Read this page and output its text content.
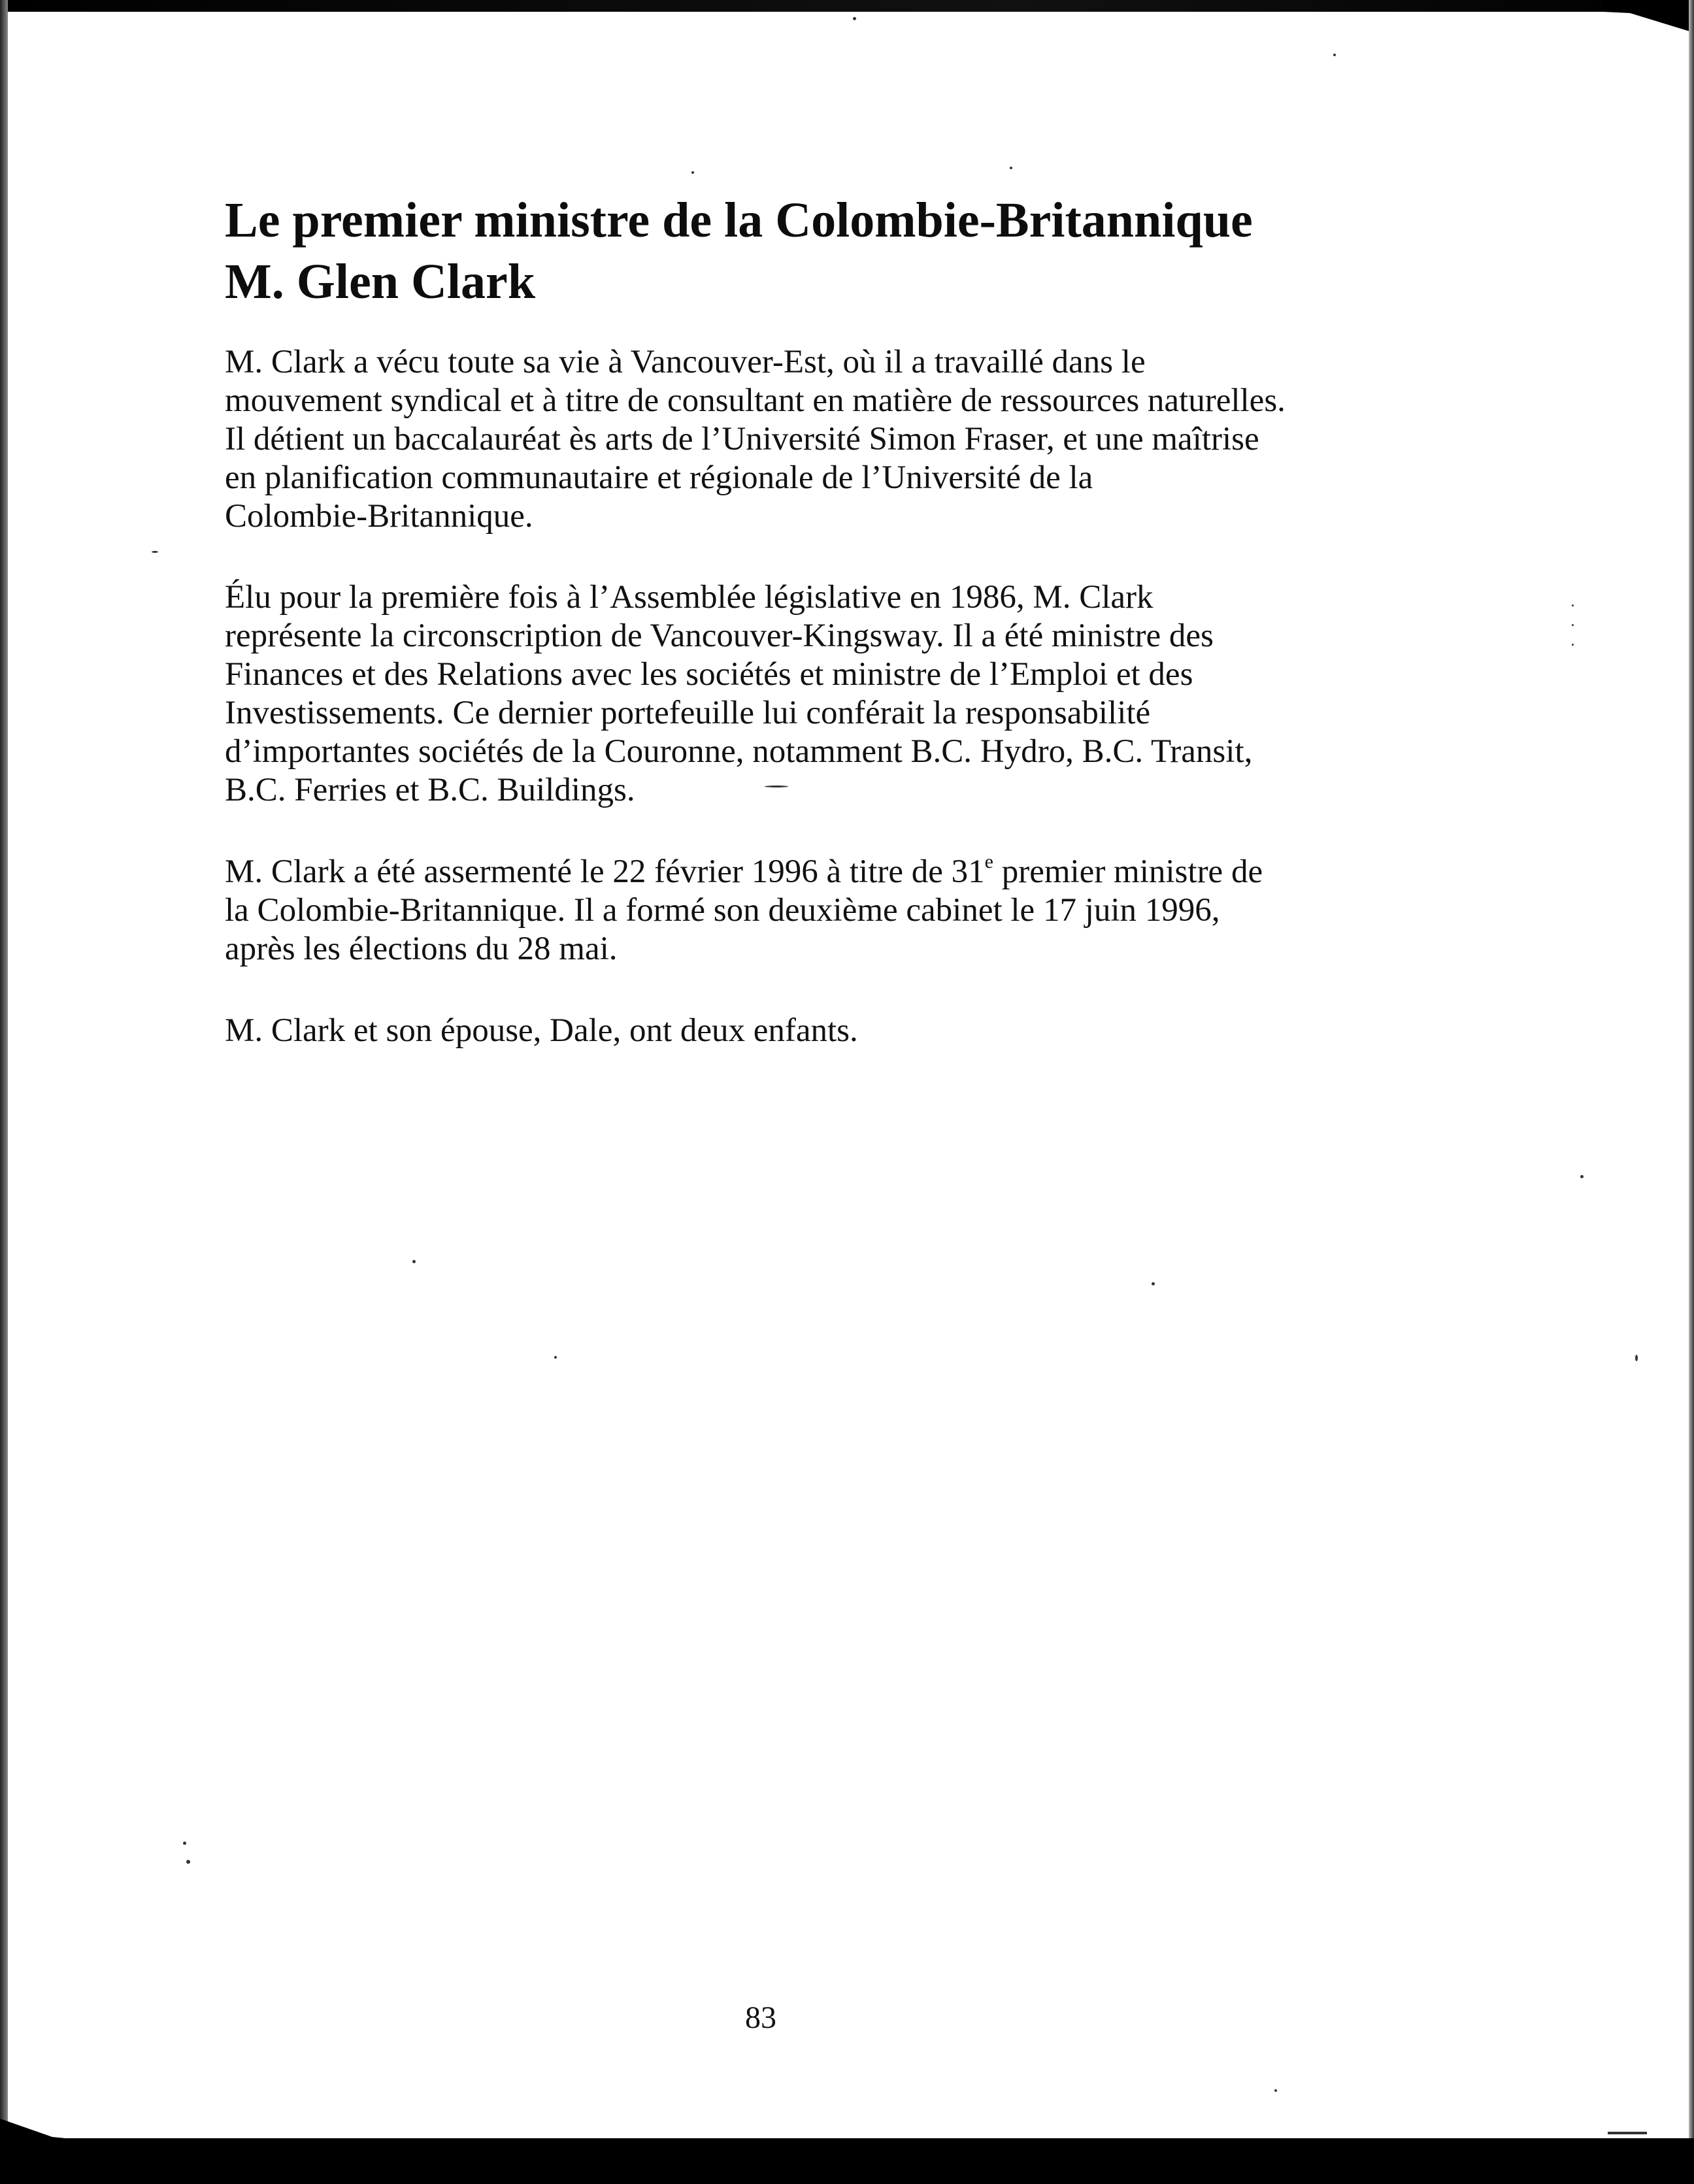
Le premier ministre de la Colombie-Britannique
M. Glen Clark
M. Clark a vécu toute sa vie à Vancouver-Est, où il a travaillé dans le
mouvement syndical et à titre de consultant en matière de ressources naturelles.
Il détient un baccalauréat ès arts de l’Université Simon Fraser, et une maîtrise
en planification communautaire et régionale de l’Université de la
Colombie-Britannique.
Élu pour la première fois à l’Assemblée législative en 1986, M. Clark
représente la circonscription de Vancouver-Kingsway. Il a été ministre des
Finances et des Relations avec les sociétés et ministre de l’Emploi et des
Investissements. Ce dernier portefeuille lui conférait la responsabilité
d’importantes sociétés de la Couronne, notamment B.C. Hydro, B.C. Transit,
B.C. Ferries et B.C. Buildings.
M. Clark a été assermenté le 22 février 1996 à titre de 31e premier ministre de
la Colombie-Britannique. Il a formé son deuxième cabinet le 17 juin 1996,
après les élections du 28 mai.
M. Clark et son épouse, Dale, ont deux enfants.
83
